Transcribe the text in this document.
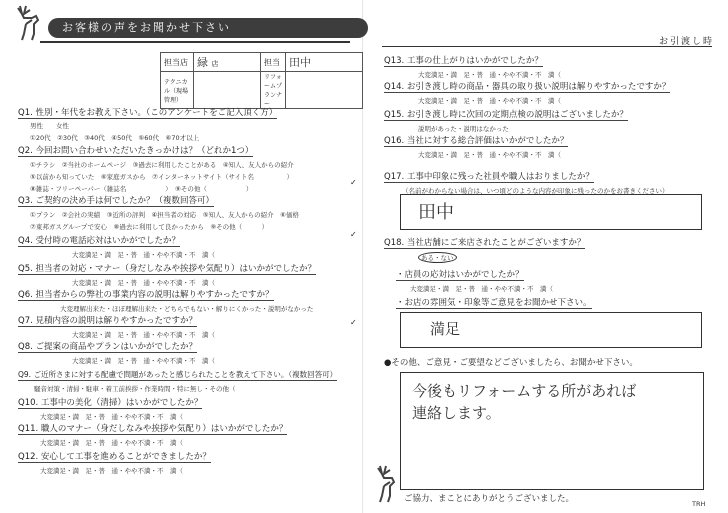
お客様の声をお聞かせ下さい
担当店	緑 店	担当	田中
テクニカル（現場管理）		リフォームプランナー	
Q1. 性別・年代をお教え下さい。（このアンケートをご記入頂く方）
男性　　女性
①20代　②30代　③40代　④50代　⑤60代　⑥70才以上
Q2. 今回お問い合わせいただいたきっかけは？（どれか1つ）
①チラシ　②当社のホームページ　③過去に利用したことがある　④知人、友人からの紹介
⑤以前から知っていた　⑥家庭ガスから　⑦インターネットサイト（サイト名　　　　　）
⑧雑誌・フリーペーパー（雑誌名　　　　　　）　⑨その他（　　　　　　）
Q3. ご契約の決め手は何でしたか？（複数回答可）
①プラン　②会社の実績　③近所の評判　④担当者の対応　⑤知人、友人からの紹介　⑥価格
⑦東邦ガスグループで安心　⑧過去に利用して良かったから　⑨その他（　　　）
Q4. 受付時の電話応対はいかがでしたか？
大変満足・満　足・普　通・やや不満・不　満（
Q5. 担当者の対応・マナー（身だしなみや挨拶や気配り）はいかがでしたか？
大変満足・満　足・普　通・やや不満・不　満（
Q6. 担当者からの弊社の事業内容の説明は解りやすかったですか？
大変理解出来た・ほぼ理解出来た・どちらでもない・解りにくかった・説明がなかった
Q7. 見積内容の説明は解りやすかったですか？
大変満足・満　足・普　通・やや不満・不　満（
Q8. ご提案の商品やプランはいかがでしたか？
大変満足・満　足・普　通・やや不満・不　満（
Q9. ご近所さまに対する配慮で問題があったと感じられたことを教えて下さい。（複数回答可）
騒音対策・清掃・駐車・着工前挨拶・作業時間・特に無し・その他（
Q10. 工事中の美化（清掃）はいかがでしたか？
大変満足・満　足・普　通・やや不満・不　満（
Q11. 職人のマナー（身だしなみや挨拶や気配り）はいかがでしたか？
大変満足・満　足・普　通・やや不満・不　満（
Q12. 安心して工事を進めることができましたか？
大変満足・満　足・普　通・やや不満・不　満（
✓
✓
✓
お引渡し時
Q13. 工事の仕上がりはいかがでしたか？
大変満足・満　足・普　通・やや不満・不　満（
Q14. お引き渡し時の商品・器具の取り扱い説明は解りやすかったですか？
大変満足・満　足・普　通・やや不満・不　満（
Q15. お引き渡し時に次回の定期点検の説明はございましたか？
説明があった・説明はなかった
Q16. 当社に対する総合評価はいかがでしたか？
大変満足・満　足・普　通・やや不満・不　満（
Q17. 工事中印象に残った社員や職人はおりましたか？
（名前がわからない場合は、いつ頃どのような内容が印象に残ったのかをお書きください）
田中
Q18. 当社店舗にご来店されたことがございますか？
ある・ない
・店員の応対はいかがでしたか？
大変満足・満　足・普　通・やや不満・不　満（
・お店の雰囲気・印象等ご意見をお聞かせ下さい。
満足
●その他、ご意見・ご要望などございましたら、お聞かせ下さい。
今後もリフォームする所があれば
連絡します。
ご協力、まことにありがとうございました。	TRH
